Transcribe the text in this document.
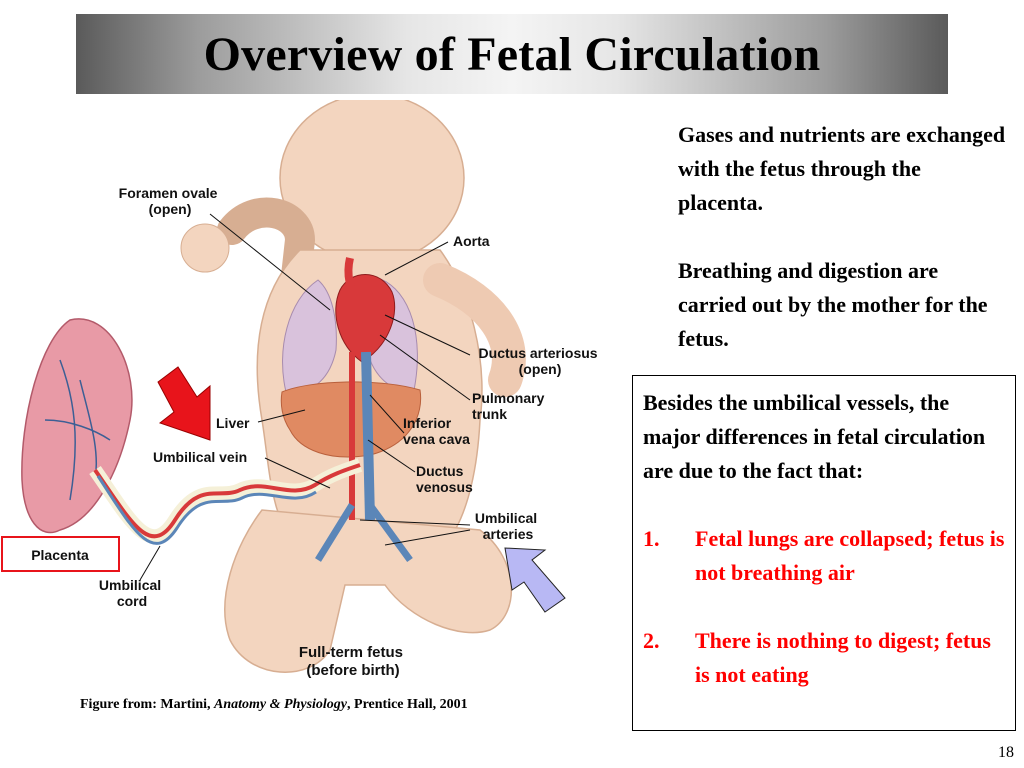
Overview of Fetal Circulation
Foramen ovale (open)
Aorta
Ductus arteriosus (open)
Pulmonary trunk
Liver	Inferior vena cava
Umbilical vein
Ductus venosus
Umbilical arteries
Placenta
Umbilical cord
Full-term fetus (before birth)

Gases and nutrients are exchanged with the fetus through the placenta.

Breathing and digestion are carried out by the mother for the fetus.

Besides the umbilical vessels, the major differences in fetal circulation are due to the fact that:

1.	Fetal lungs are collapsed; fetus is not breathing air
2.	There is nothing to digest; fetus is not eating
Figure from: Martini, Anatomy & Physiology, Prentice Hall, 2001
18
